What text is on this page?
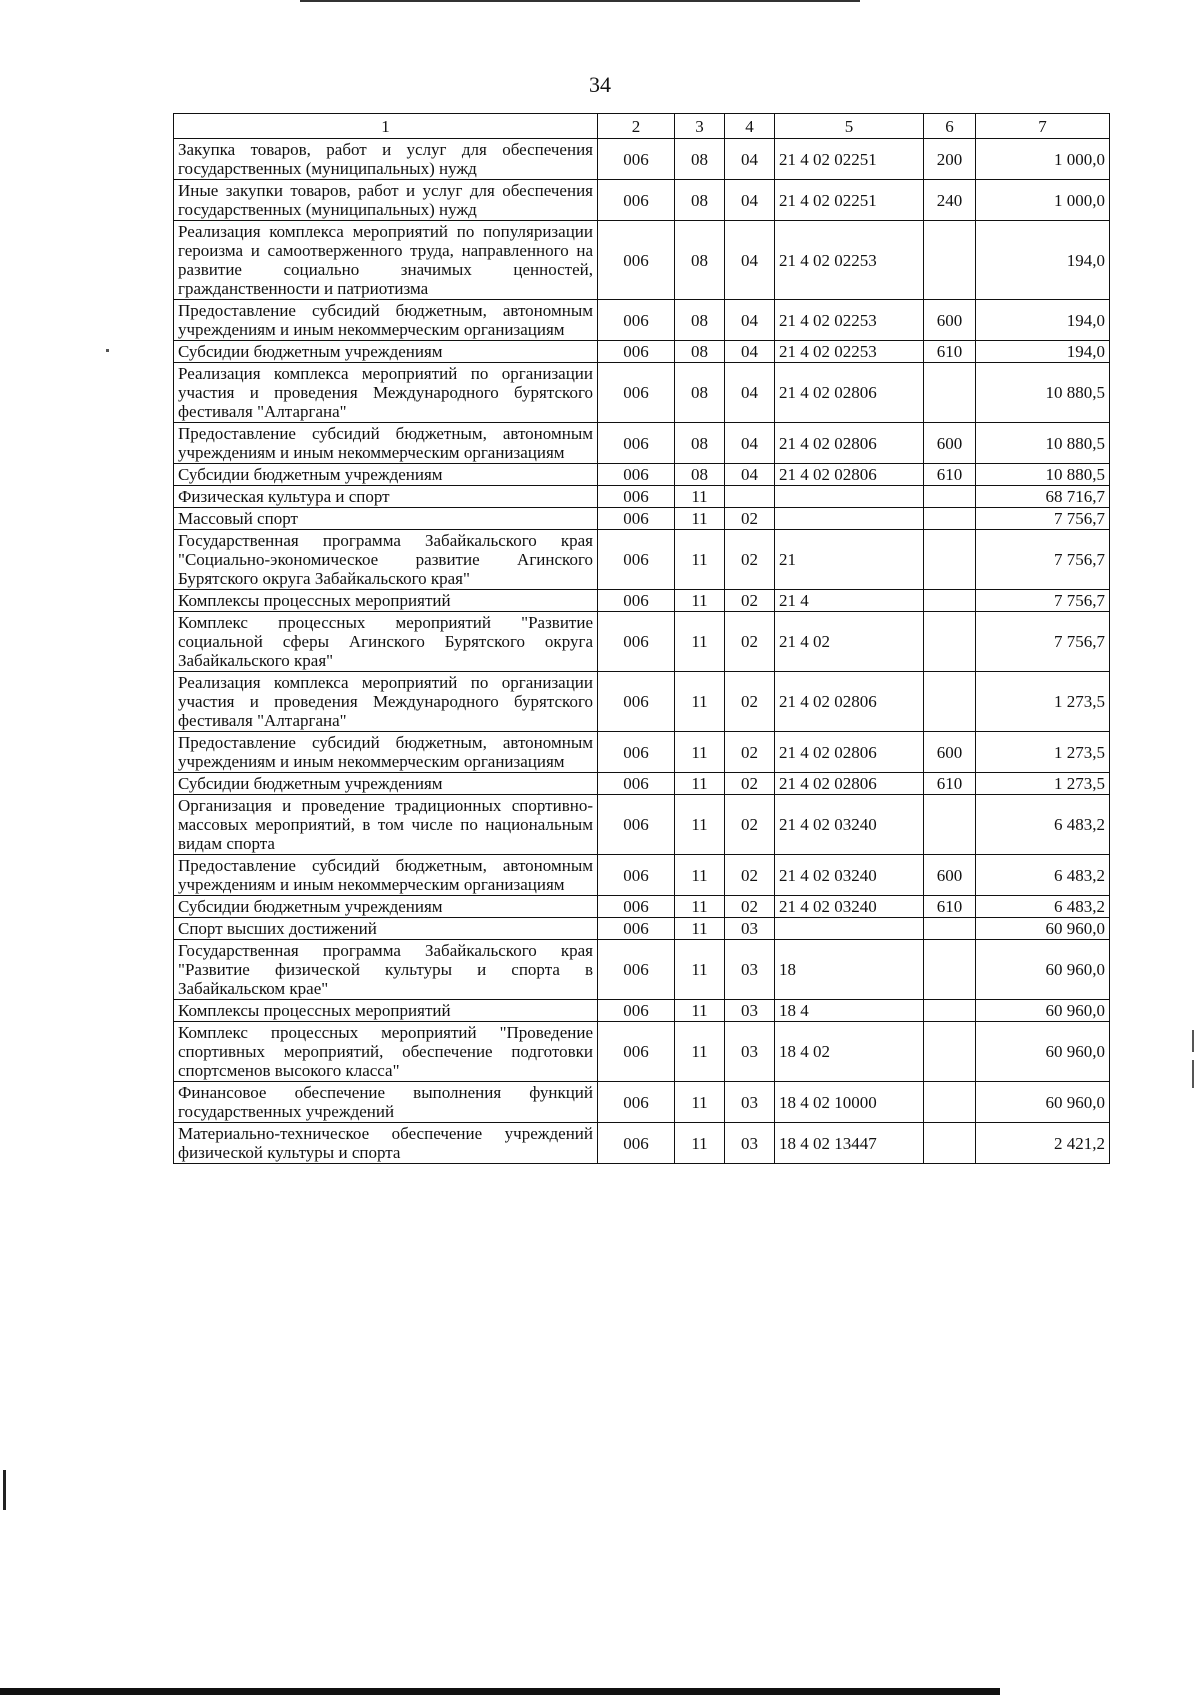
34
1	2	3	4	5	6	7
Закупка товаров, работ и услуг для обеспечения государственных (муниципальных) нужд	006	08	04	21 4 02 02251	200	1 000,0
Иные закупки товаров, работ и услуг для обеспечения государственных (муниципальных) нужд	006	08	04	21 4 02 02251	240	1 000,0
Реализация комплекса мероприятий по популяризации героизма и самоотверженного труда, направленного на развитие социально значимых ценностей, гражданственности и патриотизма	006	08	04	21 4 02 02253		194,0
Предоставление субсидий бюджетным, автономным учреждениям и иным некоммерческим организациям	006	08	04	21 4 02 02253	600	194,0
Субсидии бюджетным учреждениям	006	08	04	21 4 02 02253	610	194,0
Реализация комплекса мероприятий по организации участия и проведения Международного бурятского фестиваля "Алтаргана"	006	08	04	21 4 02 02806		10 880,5
Предоставление субсидий бюджетным, автономным учреждениям и иным некоммерческим организациям	006	08	04	21 4 02 02806	600	10 880,5
Субсидии бюджетным учреждениям	006	08	04	21 4 02 02806	610	10 880,5
Физическая культура и спорт	006	11				68 716,7
Массовый спорт	006	11	02			7 756,7
Государственная программа Забайкальского края "Социально-экономическое развитие Агинского Бурятского округа Забайкальского края"	006	11	02	21		7 756,7
Комплексы процессных мероприятий	006	11	02	21 4		7 756,7
Комплекс процессных мероприятий "Развитие социальной сферы Агинского Бурятского округа Забайкальского края"	006	11	02	21 4 02		7 756,7
Реализация комплекса мероприятий по организации участия и проведения Международного бурятского фестиваля "Алтаргана"	006	11	02	21 4 02 02806		1 273,5
Предоставление субсидий бюджетным, автономным учреждениям и иным некоммерческим организациям	006	11	02	21 4 02 02806	600	1 273,5
Субсидии бюджетным учреждениям	006	11	02	21 4 02 02806	610	1 273,5
Организация и проведение традиционных спортивно-массовых мероприятий, в том числе по национальным видам спорта	006	11	02	21 4 02 03240		6 483,2
Предоставление субсидий бюджетным, автономным учреждениям и иным некоммерческим организациям	006	11	02	21 4 02 03240	600	6 483,2
Субсидии бюджетным учреждениям	006	11	02	21 4 02 03240	610	6 483,2
Спорт высших достижений	006	11	03			60 960,0
Государственная программа Забайкальского края "Развитие физической культуры и спорта в Забайкальском крае"	006	11	03	18		60 960,0
Комплексы процессных мероприятий	006	11	03	18 4		60 960,0
Комплекс процессных мероприятий "Проведение спортивных мероприятий, обеспечение подготовки спортсменов высокого класса"	006	11	03	18 4 02		60 960,0
Финансовое обеспечение выполнения функций государственных учреждений	006	11	03	18 4 02 10000		60 960,0
Материально-техническое обеспечение учреждений физической культуры и спорта	006	11	03	18 4 02 13447		2 421,2
